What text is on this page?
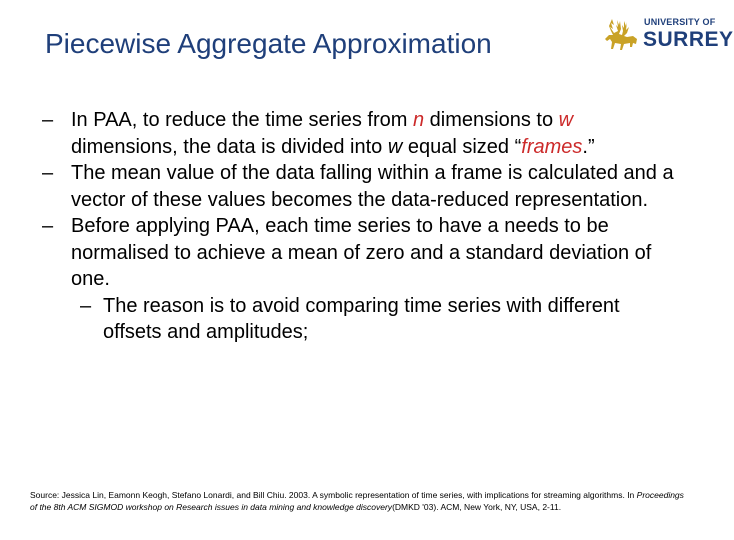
Piecewise Aggregate Approximation
UNIVERSITY OF
SURREY
– In PAA, to reduce the time series from n dimensions to w dimensions, the data is divided into w equal sized “frames.”
– The mean value of the data falling within a frame is calculated and a vector of these values becomes the data-reduced representation.
– Before applying PAA, each time series to have a needs to be normalised to achieve a mean of zero and a standard deviation of one.
– The reason is to avoid comparing time series with different offsets and amplitudes;
Source: Jessica Lin, Eamonn Keogh, Stefano Lonardi, and Bill Chiu. 2003. A symbolic representation of time series, with implications for streaming algorithms. In Proceedings of the 8th ACM SIGMOD workshop on Research issues in data mining and knowledge discovery(DMKD '03). ACM, New York, NY, USA, 2-11.
